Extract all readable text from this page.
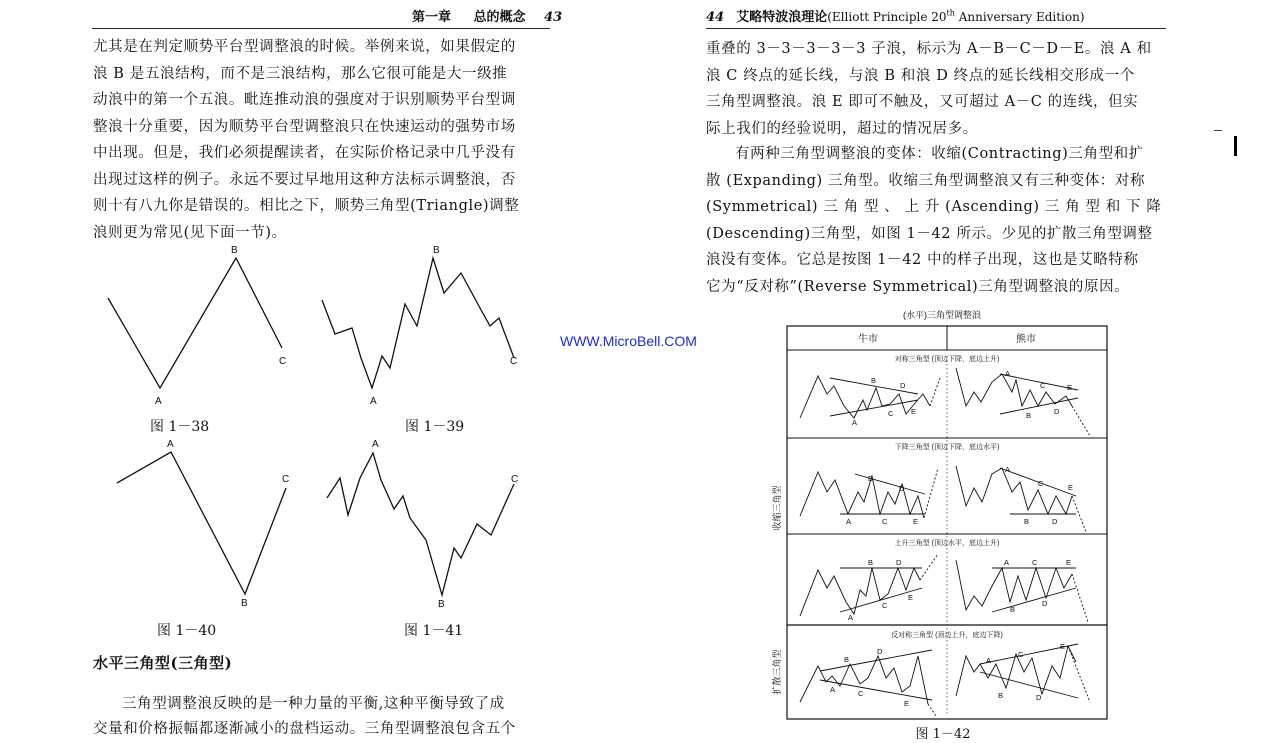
第一章 总的概念 43

尤其是在判定顺势平台型调整浪的时候。举例来说，如果假定的

浪 B 是五浪结构，而不是三浪结构，那么它很可能是大一级推

动浪中的第一个五浪。毗连推动浪的强度对于识别顺势平台型调

整浪十分重要，因为顺势平台型调整浪只在快速运动的强势市场

中出现。但是，我们必须提醒读者，在实际价格记录中几乎没有

出现过这样的例子。永远不要过早地用这种方法标示调整浪，否

则十有八九你是错误的。相比之下，顺势三角型(Triangle)调整

浪则更为常见(见下面一节)。

A
B
C
A
B
C
A
B
C
A
B
C
图 1－38	图 1－39
图 1－40	图 1－41
水平三角型(三角型)

三角型调整浪反映的是一种力量的平衡,这种平衡导致了成

交量和价格振幅都逐渐减小的盘档运动。三角型调整浪包含五个

WWW.MicroBell.COM
44 艾略特波浪理论(Elliott Principle 20th Anniversary Edition)

重叠的 3－3－3－3－3 子浪，标示为 A－B－C－D－E。浪 A 和

浪 C 终点的延长线，与浪 B 和浪 D 终点的延长线相交形成一个

三角型调整浪。浪 E 即可不触及，又可超过 A－C 的连线，但实

际上我们的经验说明，超过的情况居多。

有两种三角型调整浪的变体：收缩(Contracting)三角型和扩

散 (Expanding) 三角型。收缩三角型调整浪又有三种变体：对称

(Symmetrical) 三 角 型 、 上 升 (Ascending) 三 角 型 和 下 降

(Descending)三角型，如图 1－42 所示。少见的扩散三角型调整

浪没有变体。它总是按图 1－42 中的样子出现，这也是艾略特称

它为“反对称”(Reverse Symmetrical)三角型调整浪的原因。

(水平)三角型调整浪
牛市	熊市
对称三角型 (顶边下降，底边上升)
下降三角型 (顶边下降，底边水平)
上升三角型 (顶边水平，底边上升)
反对称三角型 (顶边上升，底边下降)
收缩三角型
扩散三角型
A
B
C
D
E
A
B
C
D
E
A
B
C
D
E
A
B
C
D
E
A
B
C
D
E
A
B
C
D
E
A
B
C
D
E
A
B
C
D
E
图 1－42
